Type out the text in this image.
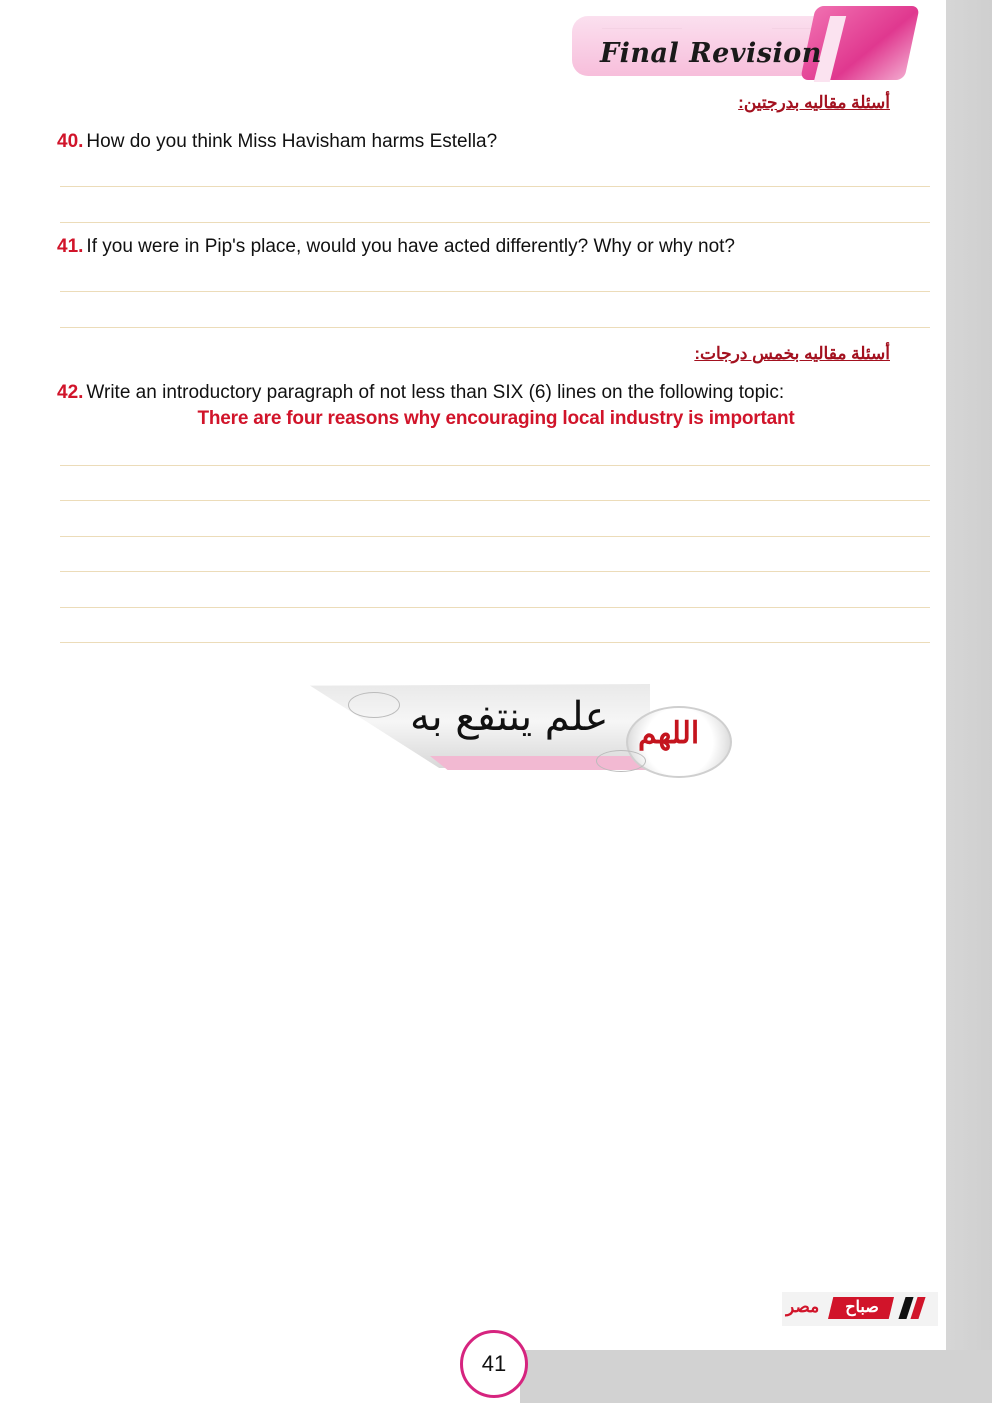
Final Revision
أسئلة مقاليه بدرجتين:
40. How do you think Miss Havisham harms Estella?
41. If you were in Pip's place, would you have acted differently? Why or why not?
أسئلة مقاليه بخمس درجات:
42. Write an introductory paragraph of not less than SIX (6) lines on the following topic:
There are four reasons why encouraging local industry is important
علم ينتفع به اللهم
مصر	صباح
41
